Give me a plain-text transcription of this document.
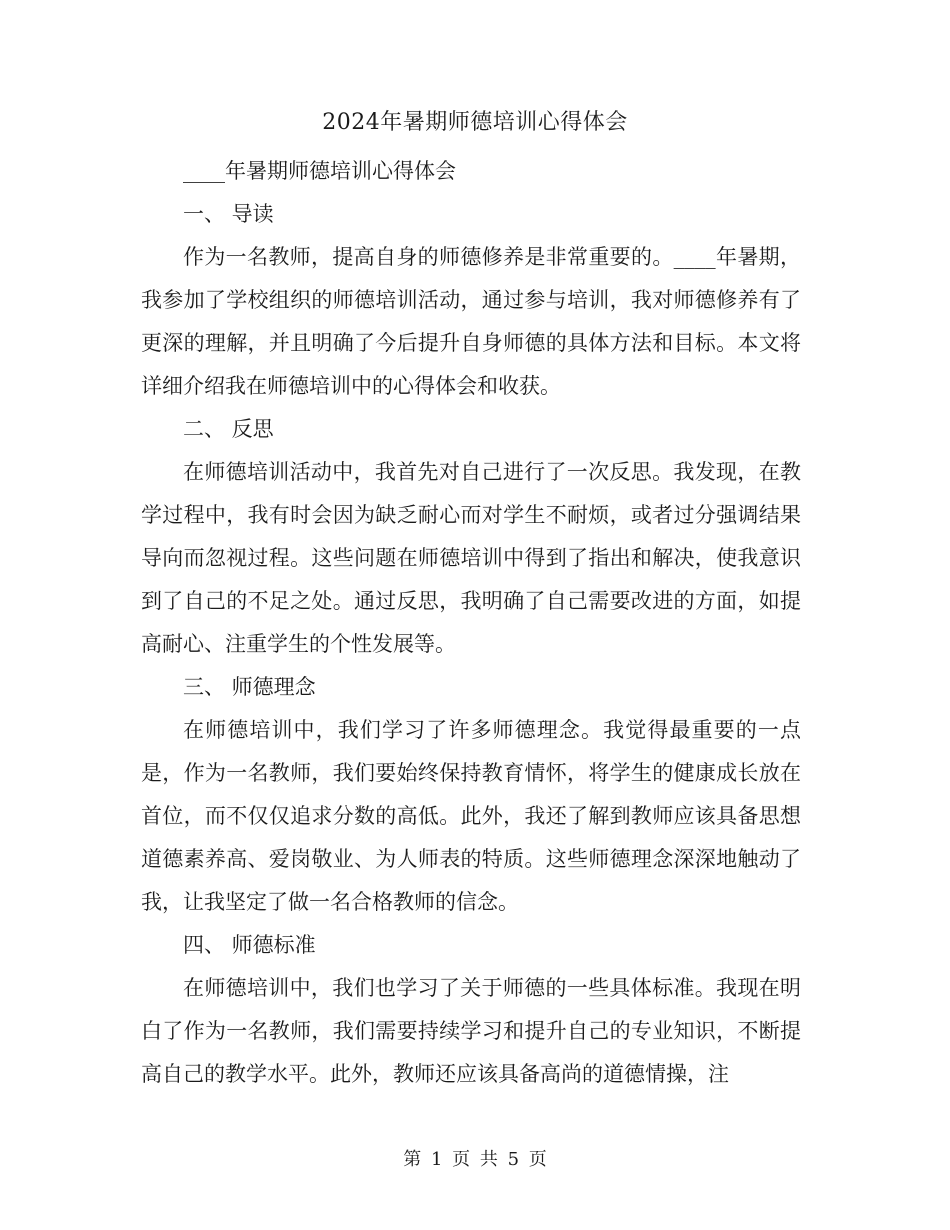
2024年暑期师德培训心得体会

____年暑期师德培训心得体会

一、 导读

作为一名教师，提高自身的师德修养是非常重要的。____年暑期，我参加了学校组织的师德培训活动，通过参与培训，我对师德修养有了更深的理解，并且明确了今后提升自身师德的具体方法和目标。本文将详细介绍我在师德培训中的心得体会和收获。

二、 反思

在师德培训活动中，我首先对自己进行了一次反思。我发现，在教学过程中，我有时会因为缺乏耐心而对学生不耐烦，或者过分强调结果导向而忽视过程。这些问题在师德培训中得到了指出和解决，使我意识到了自己的不足之处。通过反思，我明确了自己需要改进的方面，如提高耐心、注重学生的个性发展等。

三、 师德理念

在师德培训中，我们学习了许多师德理念。我觉得最重要的一点是，作为一名教师，我们要始终保持教育情怀，将学生的健康成长放在首位，而不仅仅追求分数的高低。此外，我还了解到教师应该具备思想道德素养高、爱岗敬业、为人师表的特质。这些师德理念深深地触动了我，让我坚定了做一名合格教师的信念。

四、 师德标准

在师德培训中，我们也学习了关于师德的一些具体标准。我现在明白了作为一名教师，我们需要持续学习和提升自己的专业知识，不断提高自己的教学水平。此外，教师还应该具备高尚的道德情操，注

第 1 页 共 5 页
